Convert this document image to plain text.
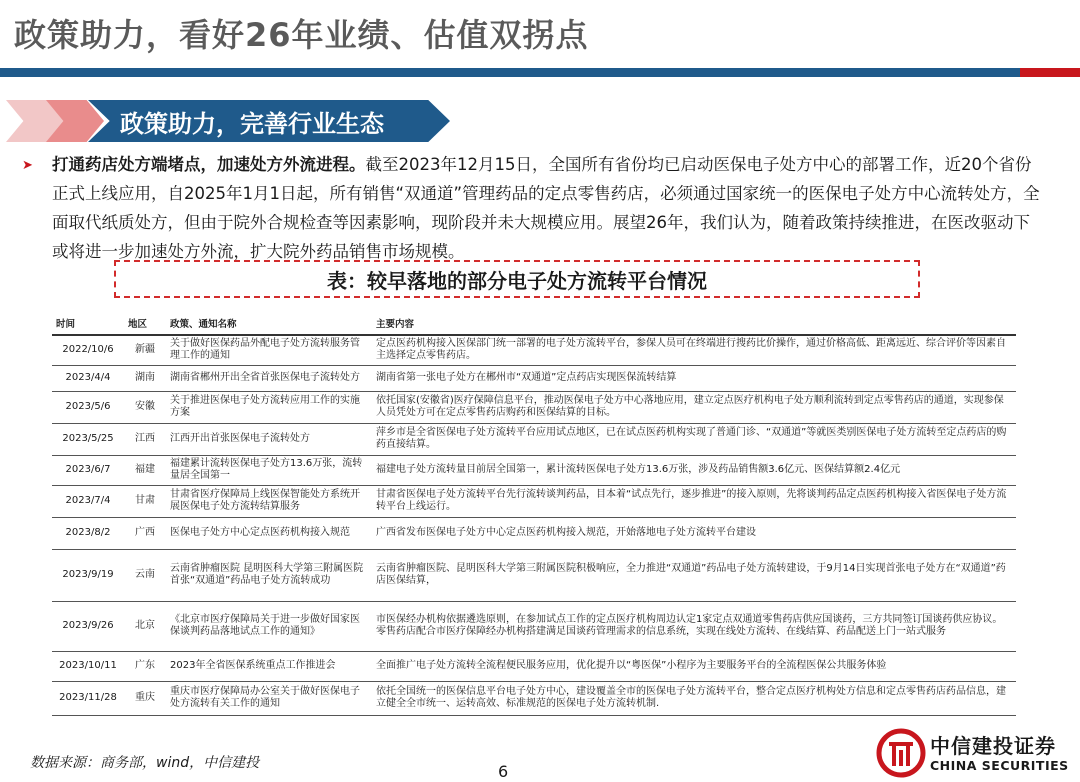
政策助力，看好26年业绩、估值双拐点
政策助力，完善行业生态
➤ 打通药店处方端堵点，加速处方外流进程。截至2023年12月15日，全国所有省份均已启动医保电子处方中心的部署工作，近20个省份正式上线应用，自2025年1月1日起，所有销售“双通道”管理药品的定点零售药店，必须通过国家统一的医保电子处方中心流转处方，全面取代纸质处方，但由于院外合规检查等因素影响，现阶段并未大规模应用。展望26年，我们认为，随着政策持续推进，在医改驱动下或将进一步加速处方外流，扩大院外药品销售市场规模。
表：较早落地的部分电子处方流转平台情况
时间	地区	政策、通知名称	主要内容
2022/10/6	新疆	关于做好医保药品外配电子处方流转服务管理工作的通知	定点医药机构接入医保部门统一部署的电子处方流转平台，参保人员可在终端进行搜药比价操作，通过价格高低、距离远近、综合评价等因素自主选择定点零售药店。
2023/4/4	湖南	湖南省郴州开出全省首张医保电子流转处方	湖南省第一张电子处方在郴州市“双通道”定点药店实现医保流转结算
2023/5/6	安徽	关于推进医保电子处方流转应用工作的实施方案	依托国家(安徽省)医疗保障信息平台，推动医保电子处方中心落地应用，建立定点医疗机构电子处方顺利流转到定点零售药店的通道，实现参保人员凭处方可在定点零售药店购药和医保结算的目标。
2023/5/25	江西	江西开出首张医保电子流转处方	萍乡市是全省医保电子处方流转平台应用试点地区，已在试点医药机构实现了普通门诊、“双通道”等就医类别医保电子处方流转至定点药店的购药直接结算。
2023/6/7	福建	福建累计流转医保电子处方13.6万张，流转量居全国第一	福建电子处方流转量目前居全国第一，累计流转医保电子处方13.6万张，涉及药品销售额3.6亿元、医保结算额2.4亿元
2023/7/4	甘肃	甘肃省医疗保障局上线医保智能处方系统开展医保电子处方流转结算服务	甘肃省医保电子处方流转平台先行流转谈判药品，目本着“试点先行，逐步推进”的接入原则，先将谈判药品定点医药机构接入省医保电子处方流转平台上线运行。
2023/8/2	广西	医保电子处方中心定点医药机构接入规范	广西省发布医保电子处方中心定点医药机构接入规范，开始落地电子处方流转平台建设
2023/9/19	云南	云南省肿瘤医院 昆明医科大学第三附属医院首张“双通道”药品电子处方流转成功	云南省肿瘤医院、昆明医科大学第三附属医院积极响应，全力推进“双通道”药品电子处方流转建设，于9月14日实现首张电子处方在“双通道”药店医保结算，
2023/9/26	北京	《北京市医疗保障局关于进一步做好国家医保谈判药品落地试点工作的通知》	市医保经办机构依据遴选原则，在参加试点工作的定点医疗机构周边认定1家定点双通道零售药店供应国谈药，三方共同签订国谈药供应协议。零售药店配合市医疗保障经办机构搭建满足国谈药管理需求的信息系统，实现在线处方流转、在线结算、药品配送上门一站式服务
2023/10/11	广东	2023年全省医保系统重点工作推进会	全面推广电子处方流转全流程便民服务应用，优化提升以“粤医保”小程序为主要服务平台的全流程医保公共服务体验
2023/11/28	重庆	重庆市医疗保障局办公室关于做好医保电子处方流转有关工作的通知	依托全国统一的医保信息平台电子处方中心，建设覆盖全市的医保电子处方流转平台，整合定点医疗机构处方信息和定点零售药店药品信息，建立健全全市统一、运转高效、标准规范的医保电子处方流转机制.
数据来源：商务部，wind，中信建投	6
中信建投证券
CHINA SECURITIES
